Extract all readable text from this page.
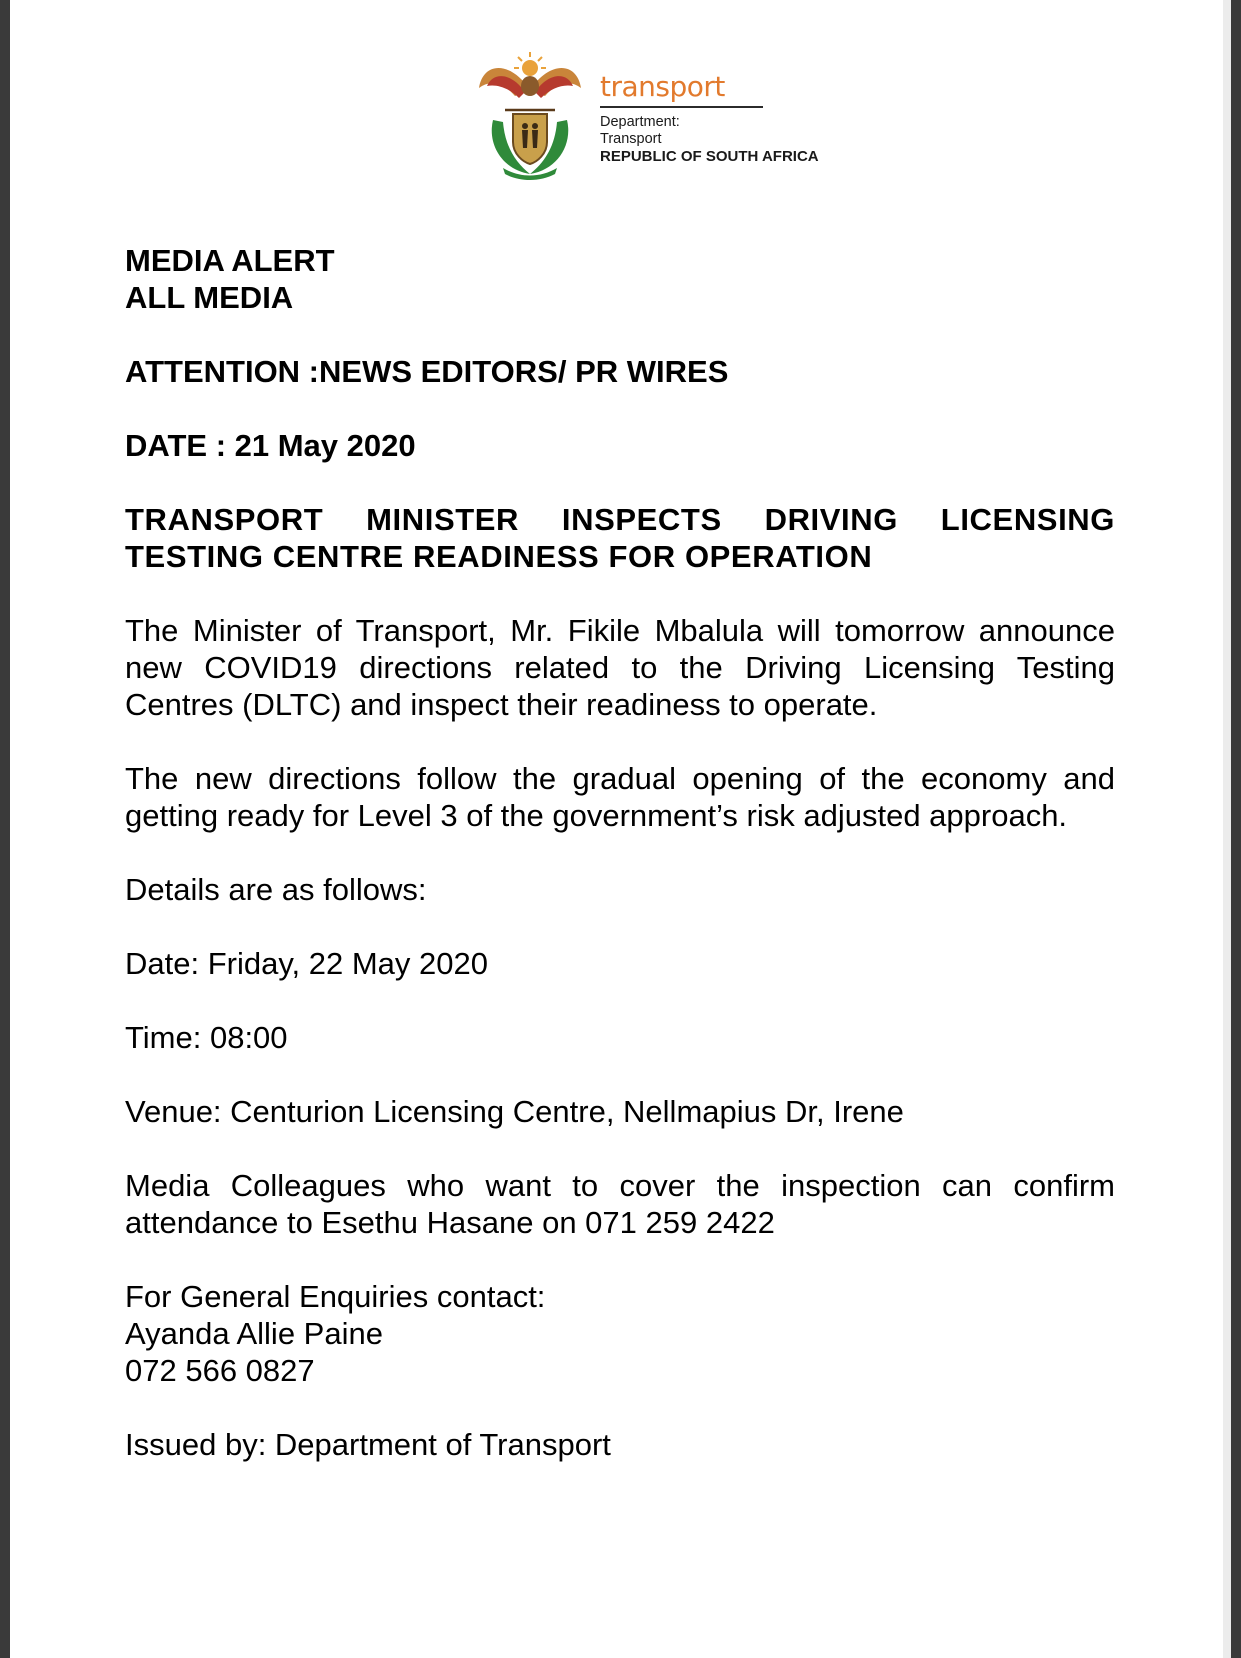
transport
Department:
Transport
REPUBLIC OF SOUTH AFRICA
MEDIA ALERT
ALL MEDIA
ATTENTION :NEWS EDITORS/ PR WIRES
DATE : 21 May 2020
TRANSPORT MINISTER INSPECTS DRIVING LICENSING TESTING CENTRE READINESS FOR OPERATION
The Minister of Transport, Mr. Fikile Mbalula will tomorrow announce new COVID19 directions related to the Driving Licensing Testing Centres (DLTC) and inspect their readiness to operate.
The new directions follow the gradual opening of the economy and getting ready for Level 3 of the government’s risk adjusted approach.
Details are as follows:
Date: Friday, 22 May 2020
Time: 08:00
Venue: Centurion Licensing Centre, Nellmapius Dr, Irene
Media Colleagues who want to cover the inspection can confirm attendance to Esethu Hasane on 071 259 2422
For General Enquiries contact:
Ayanda Allie Paine
072 566 0827
Issued by: Department of Transport
